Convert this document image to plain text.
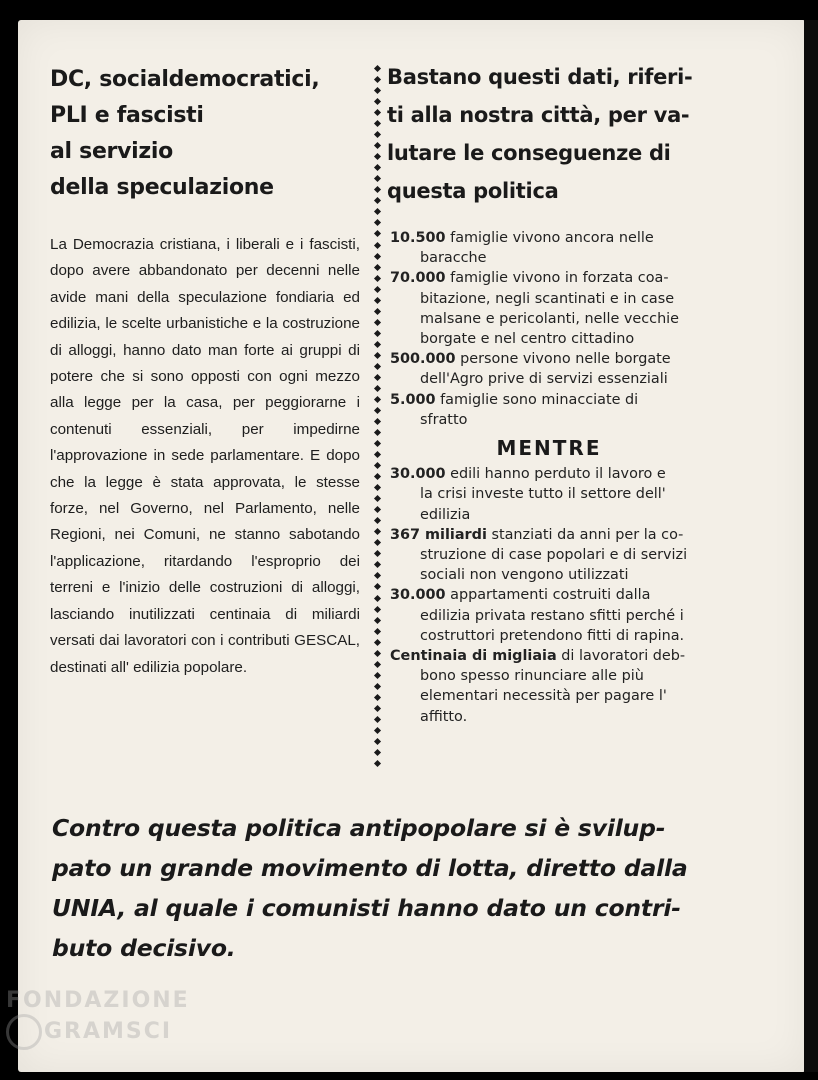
DC, socialdemocratici,
PLI e fascisti
al servizio
della speculazione
Bastano questi dati, riferi-
ti alla nostra città, per va-
lutare le conseguenze di
questa politica
La Democrazia cristiana, i liberali e i fascisti, dopo avere abbandonato per decenni nelle avide mani della speculazione fondiaria ed edilizia, le scelte urbanistiche e la costruzione di alloggi, hanno dato man forte ai gruppi di potere che si sono opposti con ogni mezzo alla legge per la casa, per peggiorarne i contenuti essenziali, per impedirne l'approvazione in sede parlamentare. E dopo che la legge è stata approvata, le stesse forze, nel Governo, nel Parlamento, nelle Regioni, nei Comuni, ne stanno sabotando l'applicazione, ritardando l'esproprio dei terreni e l'inizio delle costruzioni di alloggi, lasciando inutilizzati centinaia di miliardi versati dai lavoratori con i contributi GESCAL, destinati all' edilizia popolare.
10.500 famiglie vivono ancora nelle
baracche
70.000 famiglie vivono in forzata coa-
bitazione, negli scantinati e in case malsane e pericolanti, nelle vecchie borgate e nel centro cittadino
500.000 persone vivono nelle borgate
dell'Agro prive di servizi essenziali
5.000 famiglie sono minacciate di
sfratto
MENTRE
30.000 edili hanno perduto il lavoro e
la crisi investe tutto il settore dell' edilizia
367 miliardi stanziati da anni per la co-
struzione di case popolari e di servizi sociali non vengono utilizzati
30.000 appartamenti costruiti dalla
edilizia privata restano sfitti perché i costruttori pretendono fitti di rapina.
Centinaia di migliaia di lavoratori deb-
bono spesso rinunciare alle più elementari necessità per pagare l' affitto.
Contro questa politica antipopolare si è svilup-
pato un grande movimento di lotta, diretto dalla
UNIA, al quale i comunisti hanno dato un contri-
buto decisivo.
FONDAZIONE
GRAMSCI
